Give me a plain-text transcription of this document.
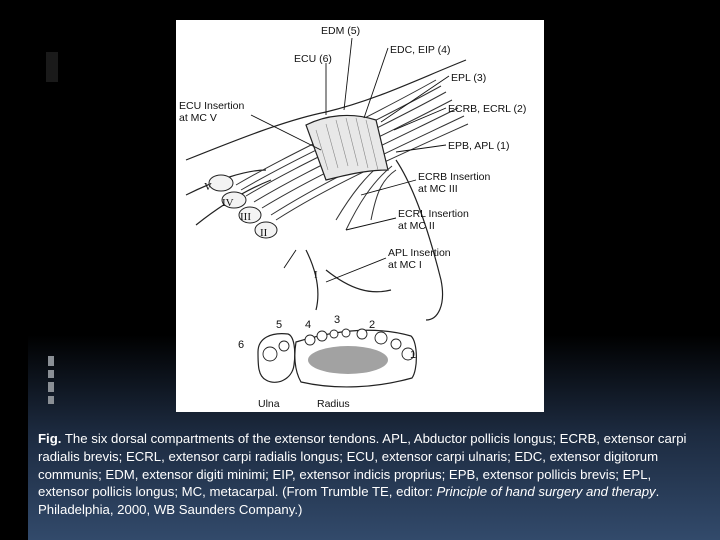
EDM (5)
ECU (6)
EDC, EIP (4)
EPL (3)
ECRB, ECRL (2)
EPB, APL (1)
ECU Insertion
at MC V
ECRB Insertion
at MC III
ECRL Insertion
at MC II
APL Insertion
at MC I
V
IV
III
II
I
1
2
3
4
5
6
Ulna	Radius
Fig. The six dorsal compartments of the extensor tendons. APL, Abductor pollicis longus; ECRB, extensor carpi radialis brevis; ECRL, extensor carpi radialis longus; ECU, extensor carpi ulnaris; EDC, extensor digitorum communis; EDM, extensor digiti minimi; EIP, extensor indicis proprius; EPB, extensor pollicis brevis; EPL, extensor pollicis longus; MC, metacarpal. (From Trumble TE, editor: Principle of hand surgery and therapy. Philadelphia, 2000, WB Saunders Company.)
